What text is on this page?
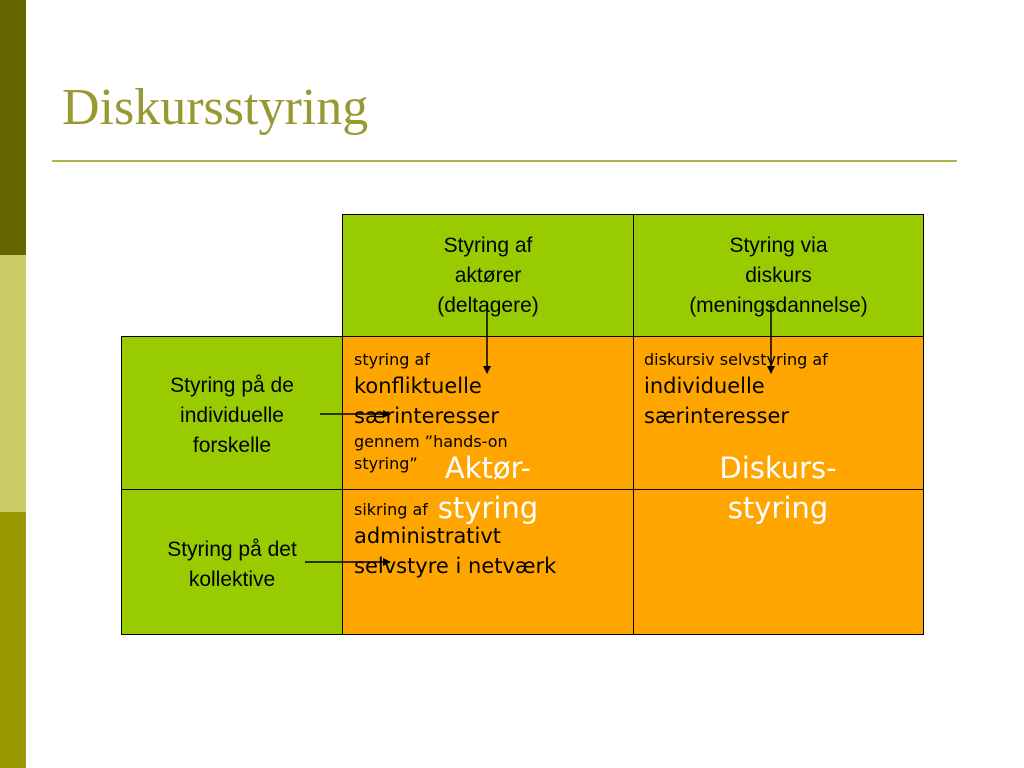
Diskursstyring
Styring af
aktører
(deltagere)
Styring via
diskurs
(meningsdannelse)
Styring på de
individuelle
forskelle
Styring på det
kollektive
styring af
konfliktuelle
særinteresser
gennem ”hands-on
styring”
diskursiv selvstyring af
individuelle
særinteresser
sikring af
administrativt
selvstyre i netværk
Aktør-
styring
Diskurs-
styring
